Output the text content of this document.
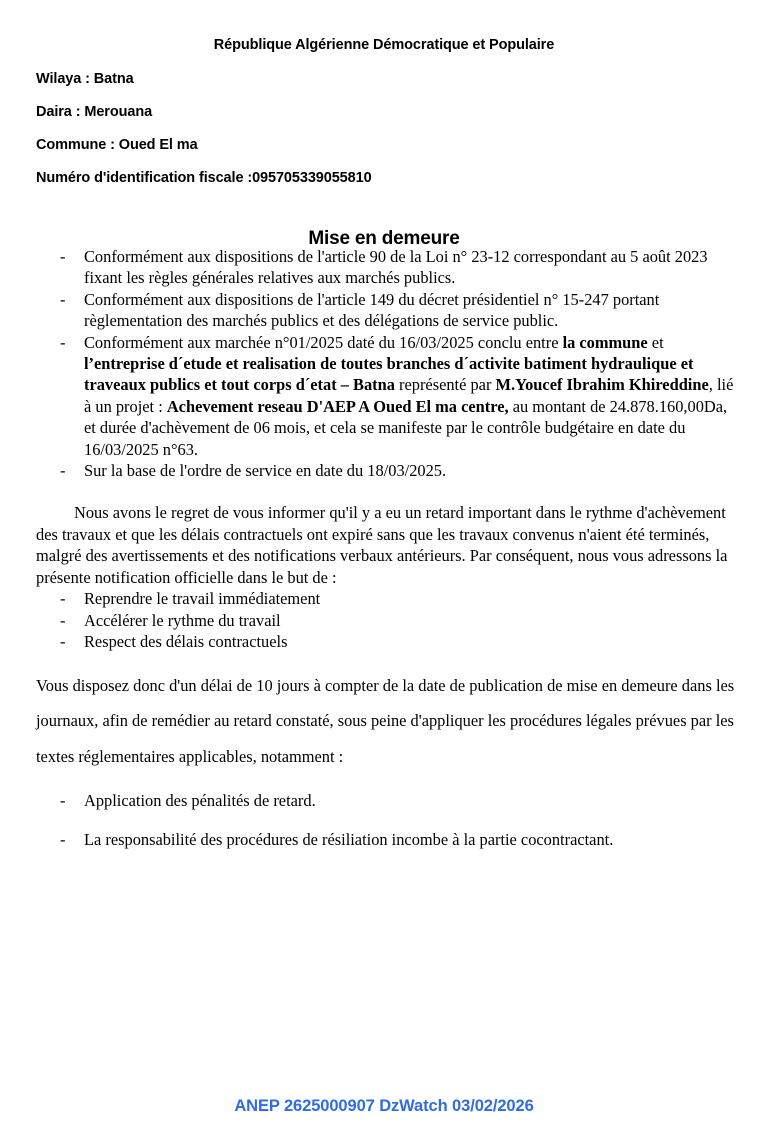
République Algérienne Démocratique et Populaire
Wilaya : Batna
Daira : Merouana
Commune : Oued El ma
Numéro d'identification fiscale :095705339055810
Mise en demeure
- Conformément aux dispositions de l'article 90 de la Loi n° 23-12 correspondant au 5 août 2023 fixant les règles générales relatives aux marchés publics.
- Conformément aux dispositions de l'article 149 du décret présidentiel n° 15-247 portant règlementation des marchés publics et des délégations de service public.
- Conformément aux marchée n°01/2025 daté du 16/03/2025 conclu entre la commune et l’entreprise d´etude et realisation de toutes branches d´activite batiment hydraulique et traveaux publics et tout corps d´etat – Batna représenté par M.Youcef Ibrahim Khireddine, lié à un projet : Achevement reseau D'AEP A Oued El ma centre, au montant de 24.878.160,00Da, et durée d'achèvement de 06 mois, et cela se manifeste par le contrôle budgétaire en date du 16/03/2025 n°63.
- Sur la base de l'ordre de service en date du 18/03/2025.

Nous avons le regret de vous informer qu'il y a eu un retard important dans le rythme d'achèvement des travaux et que les délais contractuels ont expiré sans que les travaux convenus n'aient été terminés, malgré des avertissements et des notifications verbaux antérieurs. Par conséquent, nous vous adressons la présente notification officielle dans le but de :

- Reprendre le travail immédiatement
- Accélérer le rythme du travail
- Respect des délais contractuels

Vous disposez donc d'un délai de 10 jours à compter de la date de publication de mise en demeure dans les journaux, afin de remédier au retard constaté, sous peine d'appliquer les procédures légales prévues par les textes réglementaires applicables, notamment :

- Application des pénalités de retard.
- La responsabilité des procédures de résiliation incombe à la partie cocontractant.
ANEP 2625000907 DzWatch 03/02/2026
